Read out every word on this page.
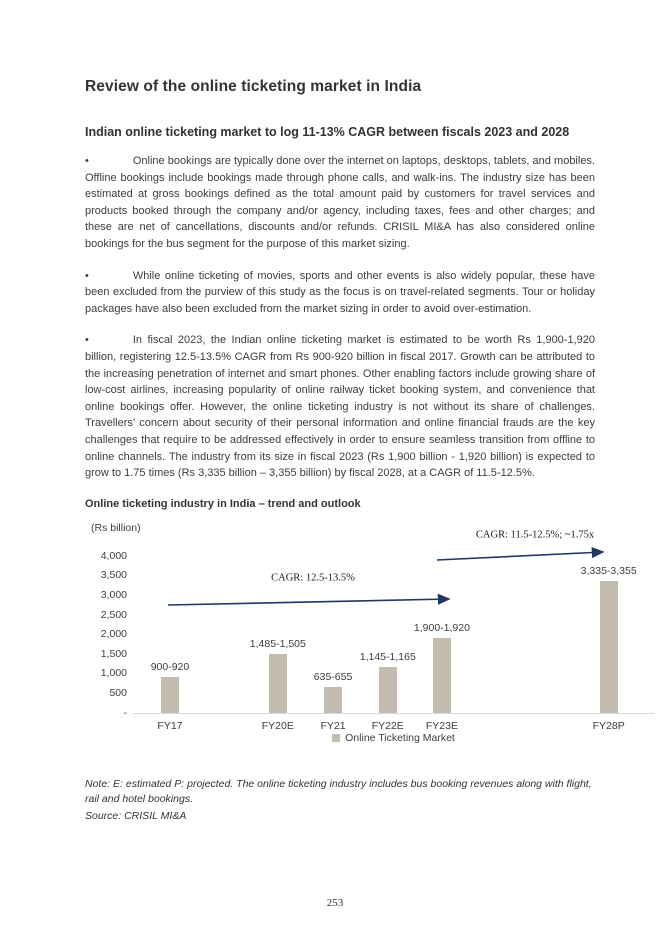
Review of the online ticketing market in India
Indian online ticketing market to log 11-13% CAGR between fiscals 2023 and 2028
•	Online bookings are typically done over the internet on laptops, desktops, tablets, and mobiles. Offline bookings include bookings made through phone calls, and walk-ins. The industry size has been estimated at gross bookings defined as the total amount paid by customers for travel services and products booked through the company and/or agency, including taxes, fees and other charges; and these are net of cancellations, discounts and/or refunds. CRISIL MI&A has also considered online bookings for the bus segment for the purpose of this market sizing.
•	While online ticketing of movies, sports and other events is also widely popular, these have been excluded from the purview of this study as the focus is on travel-related segments. Tour or holiday packages have also been excluded from the market sizing in order to avoid over-estimation.
•	In fiscal 2023, the Indian online ticketing market is estimated to be worth Rs 1,900-1,920 billion, registering 12.5-13.5% CAGR from Rs 900-920 billion in fiscal 2017. Growth can be attributed to the increasing penetration of internet and smart phones. Other enabling factors include growing share of low-cost airlines, increasing popularity of online railway ticket booking system, and convenience that online bookings offer. However, the online ticketing industry is not without its share of challenges. Travellers’ concern about security of their personal information and online financial frauds are the key challenges that require to be addressed effectively in order to ensure seamless transition from offline to online channels. The industry from its size in fiscal 2023 (Rs 1,900 billion - 1,920 billion) is expected to grow to 1.75 times (Rs 3,335 billion – 3,355 billion) by fiscal 2028, at a CAGR of 11.5-12.5%.
Online ticketing industry in India – trend and outlook
(Rs billion)
-
500
1,000
1,500
2,000
2,500
3,000
3,500
4,000
900-920
FY17
1,485-1,505
FY20E
635-655
FY21
1,145-1,165
FY22E
1,900-1,920
FY23E
3,335-3,355
FY28P
Online Ticketing Market
CAGR: 12.5-13.5%
CAGR: 11.5-12.5%; ~1.75x
Note: E: estimated P: projected. The online ticketing industry includes bus booking revenues along with flight, rail and hotel bookings.
Source: CRISIL MI&A
253
